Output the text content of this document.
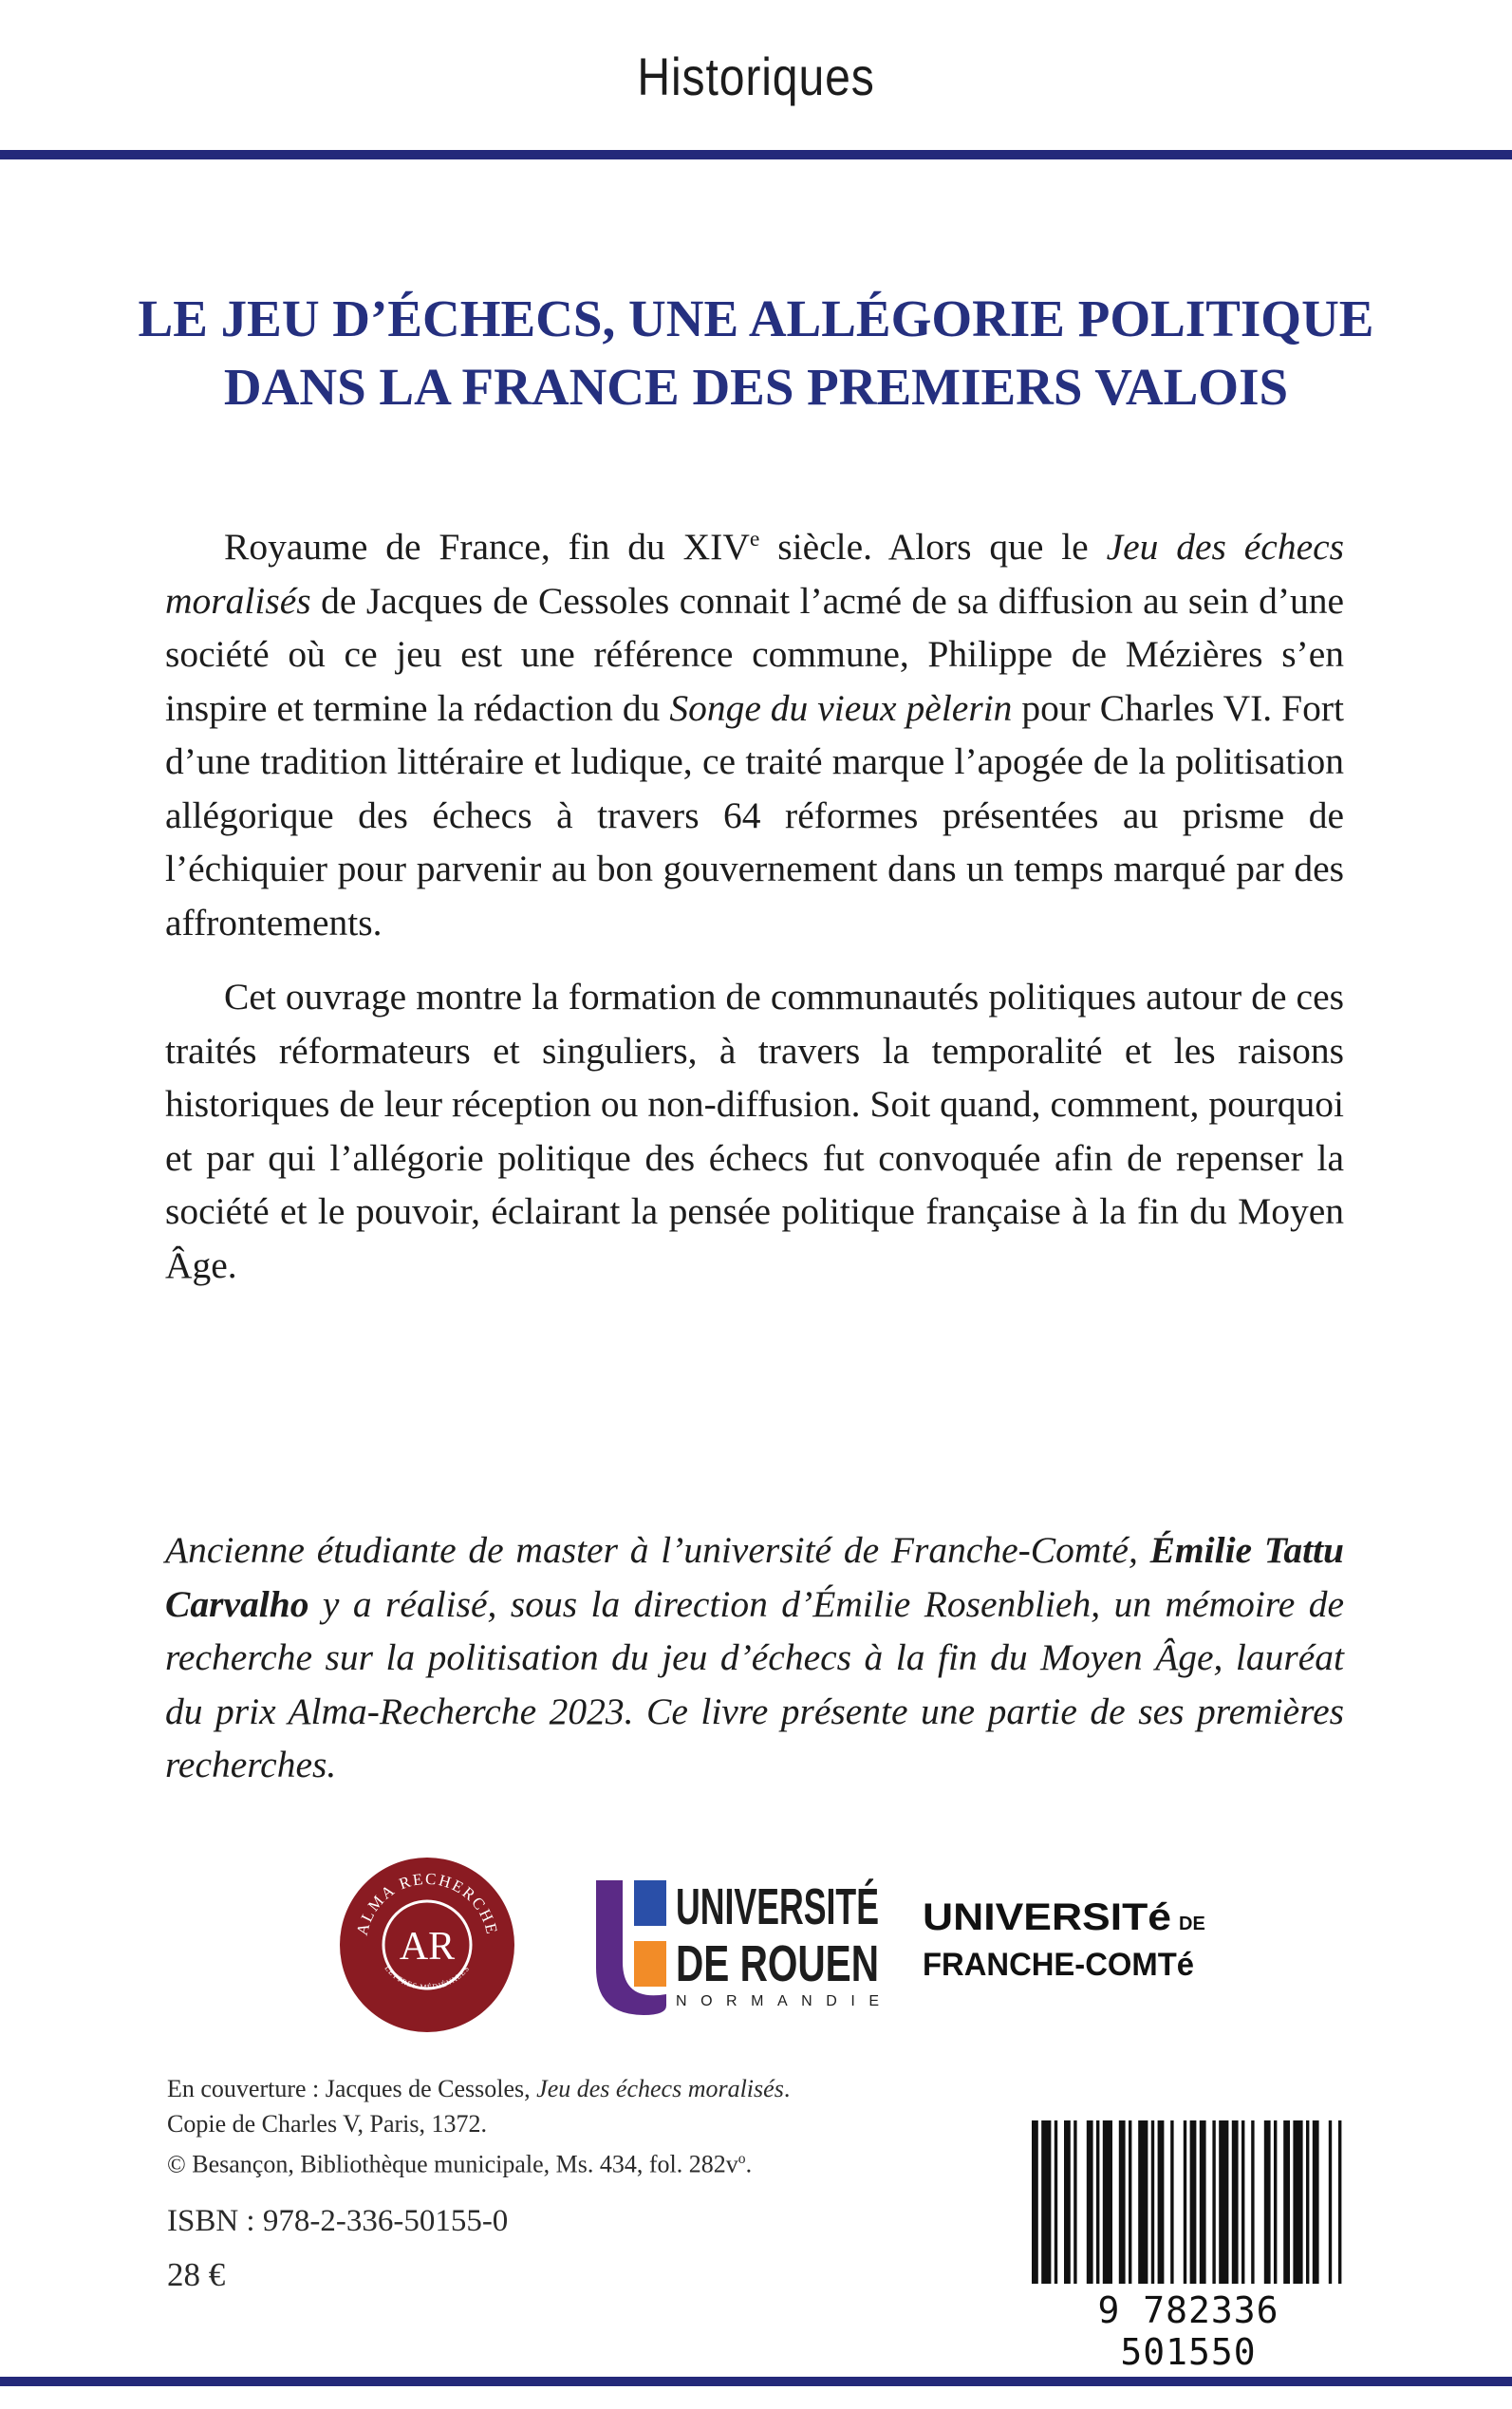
Historiques
LE JEU D’ÉCHECS, UNE ALLÉGORIE POLITIQUE
DANS LA FRANCE DES PREMIERS VALOIS

Royaume de France, fin du XIVe siècle. Alors que le Jeu des échecs moralisés de Jacques de Cessoles connait l’acmé de sa diffusion au sein d’une société où ce jeu est une référence commune, Philippe de Mézières s’en inspire et termine la rédaction du Songe du vieux pèlerin pour Charles VI. Fort d’une tradition littéraire et ludique, ce traité marque l’apogée de la politisation allégorique des échecs à travers 64 réformes présentées au prisme de l’échiquier pour parvenir au bon gouvernement dans un temps marqué par des affrontements.

Cet ouvrage montre la formation de communautés politiques autour de ces traités réformateurs et singuliers, à travers la temporalité et les raisons historiques de leur réception ou non-diffusion. Soit quand, comment, pourquoi et par qui l’allégorie politique des échecs fut convoquée afin de repenser la société et le pouvoir, éclairant la pensée politique française à la fin du Moyen Âge.

Ancienne étudiante de master à l’université de Franche-Comté, Émilie Tattu Carvalho y a réalisé, sous la direction d’Émilie Rosenblieh, un mémoire de recherche sur la politisation du jeu d’échecs à la fin du Moyen Âge, lauréat du prix Alma-Recherche 2023. Ce livre présente une partie de ses premières recherches.
ALMA RECHERCHE
LETTRES MÉDIÉVALES
AR
UNIVERSITÉ
DE ROUEN
NORMANDIE
UNIVERSITé DE
FRANCHE-COMTé
En couverture : Jacques de Cessoles, Jeu des échecs moralisés.
Copie de Charles V, Paris, 1372.
© Besançon, Bibliothèque municipale, Ms. 434, fol. $282v^o$.
ISBN : 978-2-336-50155-0
28 €
9 782336 501550
